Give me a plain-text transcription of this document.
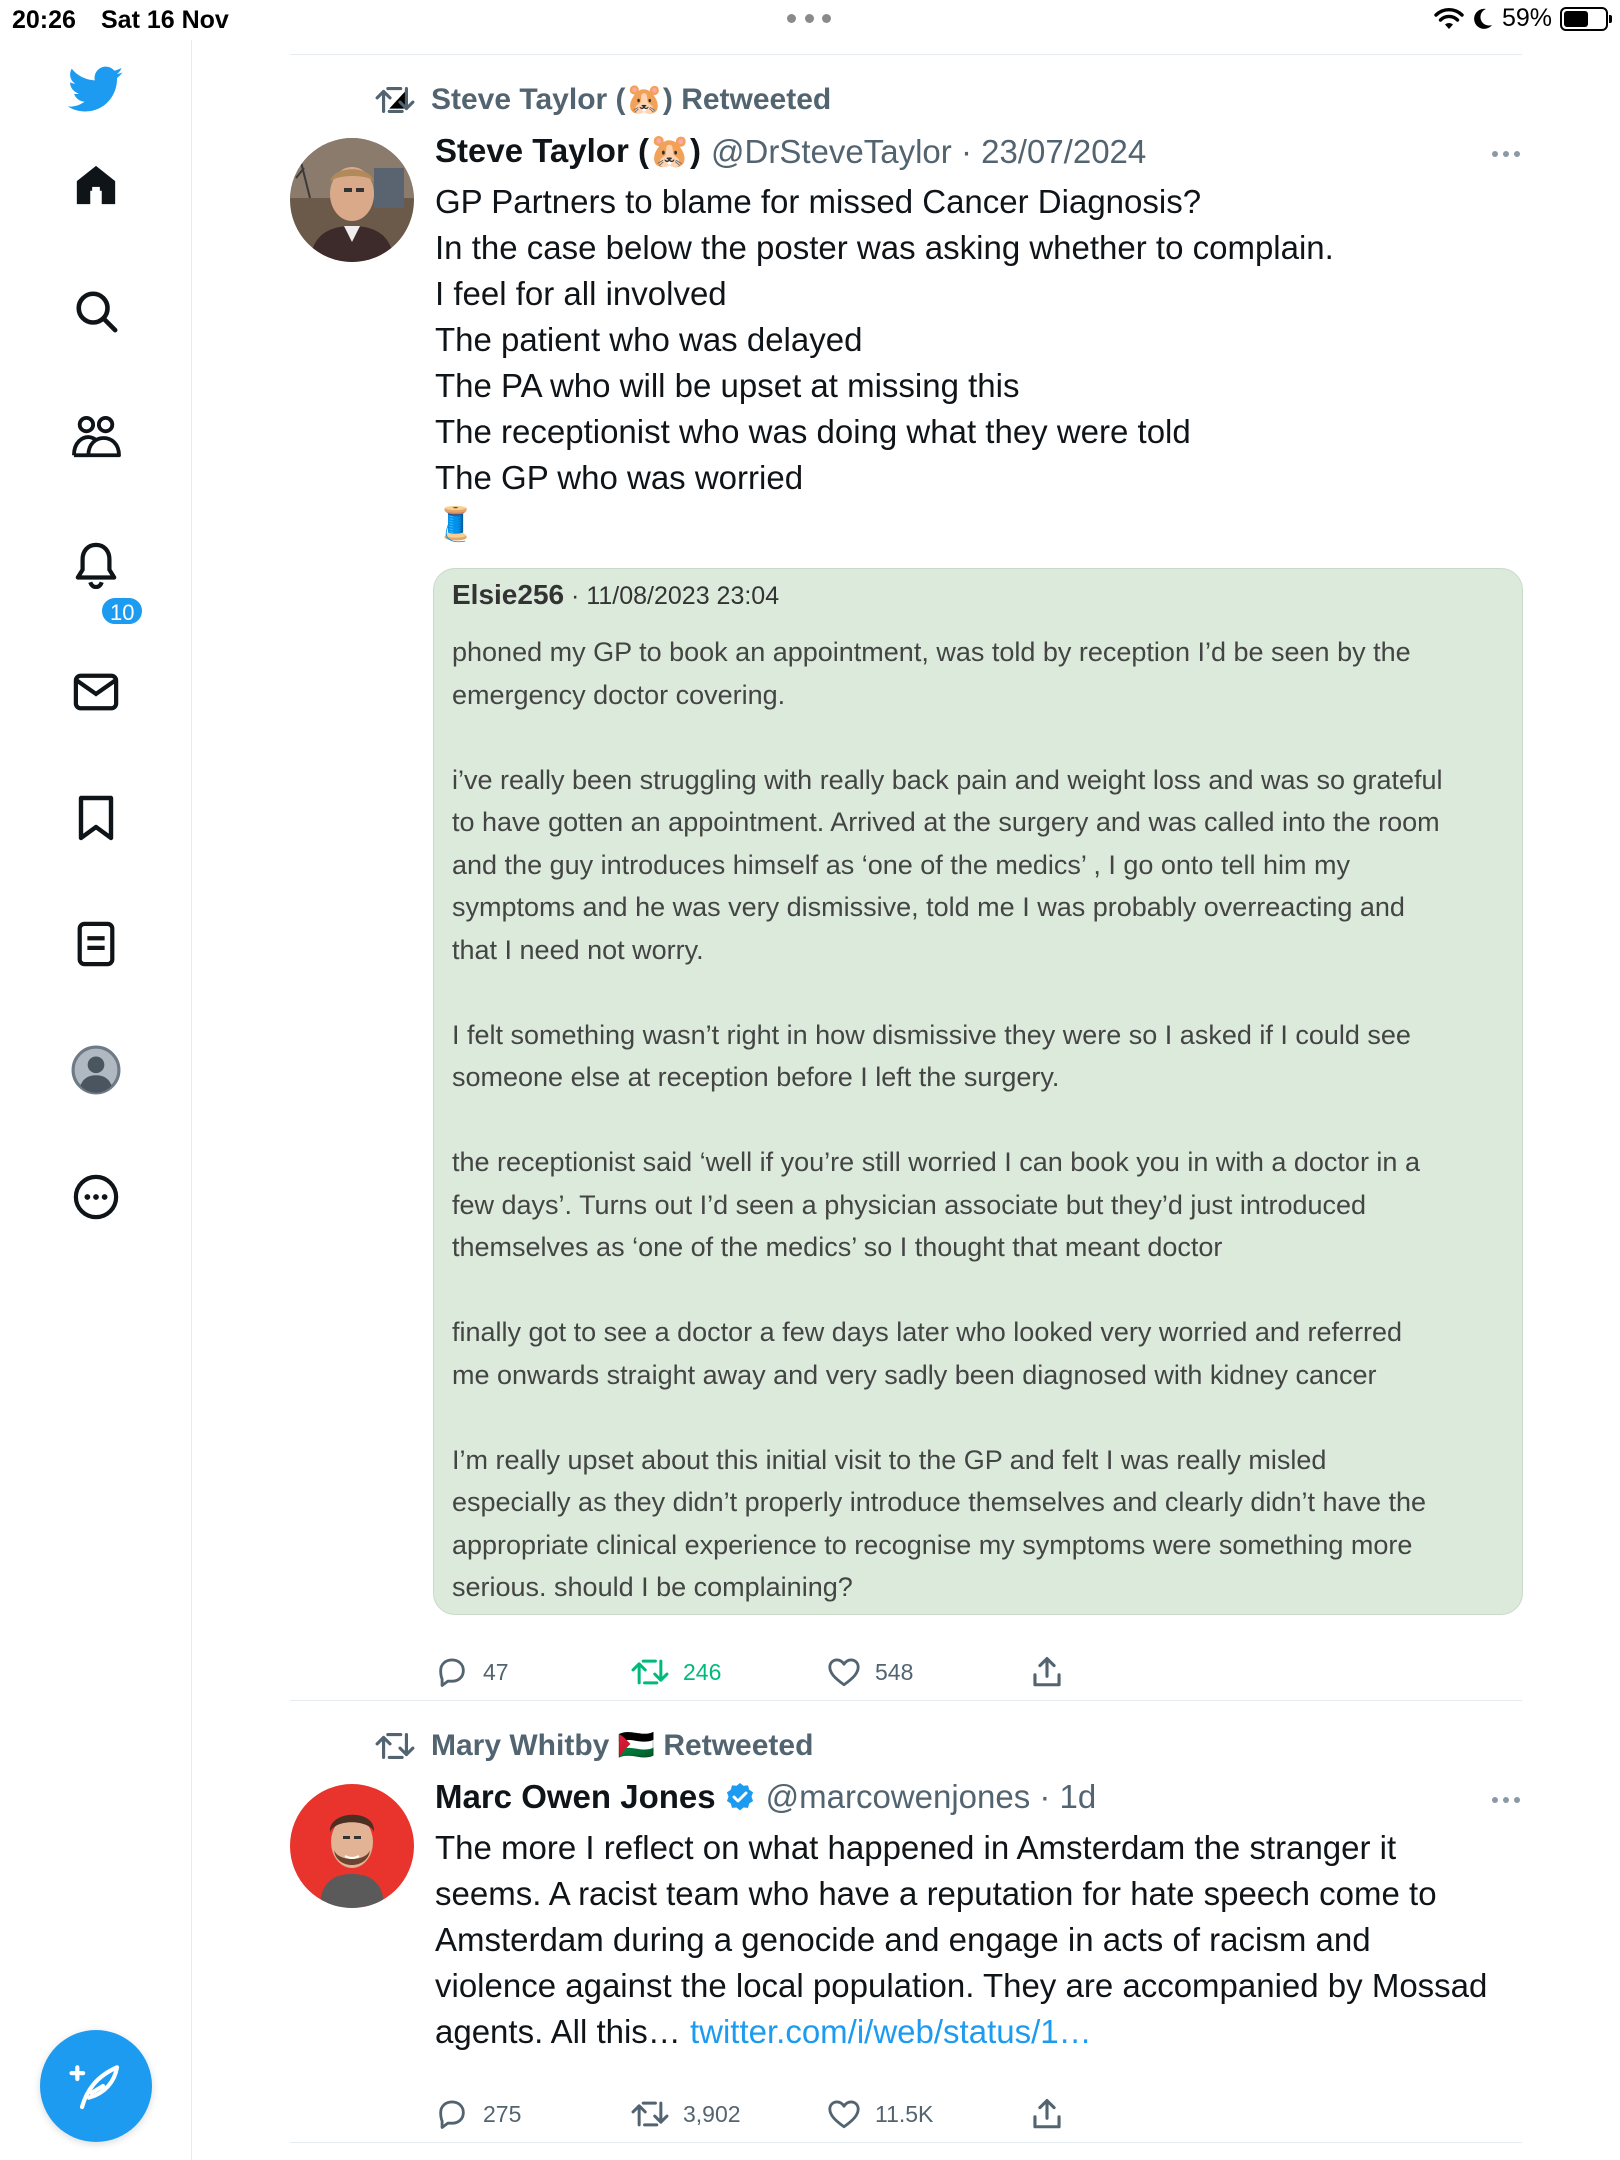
20:26 Sat 16 Nov	59%
10
Steve Taylor (🐹) Retweeted
Steve Taylor (🐹) @DrSteveTaylor · 23/07/2024
GP Partners to blame for missed Cancer Diagnosis?
In the case below the poster was asking whether to complain.
I feel for all involved
The patient who was delayed
The PA who will be upset at missing this
The receptionist who was doing what they were told
The GP who was worried
🧵
Elsie256 · 11/08/2023 23:04
phoned my GP to book an appointment, was told by reception I’d be seen by the
emergency doctor covering.
i’ve really been struggling with really back pain and weight loss and was so grateful
to have gotten an appointment. Arrived at the surgery and was called into the room
and the guy introduces himself as ‘one of the medics’ , I go onto tell him my
symptoms and he was very dismissive, told me I was probably overreacting and
that I need not worry.
I felt something wasn’t right in how dismissive they were so I asked if I could see
someone else at reception before I left the surgery.
the receptionist said ‘well if you’re still worried I can book you in with a doctor in a
few days’. Turns out I’d seen a physician associate but they’d just introduced
themselves as ‘one of the medics’ so I thought that meant doctor
finally got to see a doctor a few days later who looked very worried and referred
me onwards straight away and very sadly been diagnosed with kidney cancer
I’m really upset about this initial visit to the GP and felt I was really misled
especially as they didn’t properly introduce themselves and clearly didn’t have the
appropriate clinical experience to recognise my symptoms were something more
serious. should I be complaining?
47	246	548
Mary Whitby 🇵🇸 Retweeted
Marc Owen Jones @marcowenjones · 1d
The more I reflect on what happened in Amsterdam the stranger it
seems. A racist team who have a reputation for hate speech come to
Amsterdam during a genocide and engage in acts of racism and
violence against the local population. They are accompanied by Mossad
agents. All this… twitter.com/i/web/status/1…
275	3,902	11.5K
